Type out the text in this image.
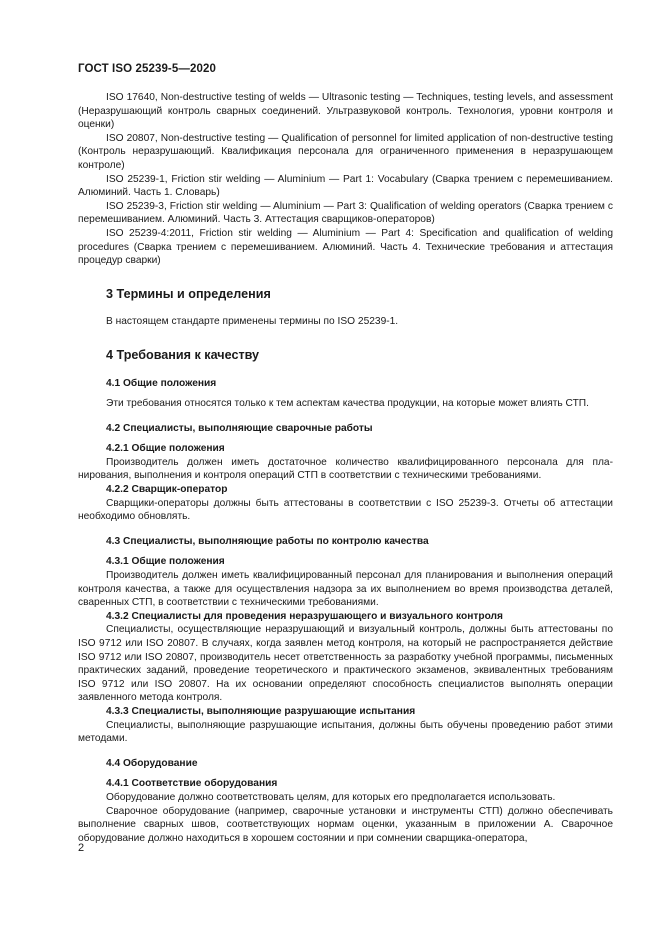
ГОСТ ISO 25239-5—2020

ISO 17640, Non-destructive testing of welds — Ultrasonic testing — Techniques, testing levels, and assessment (Неразрушающий контроль сварных соединений. Ультразвуковой контроль. Технология, уровни контроля и оценки)

ISO 20807, Non-destructive testing — Qualification of personnel for limited application of non-destructive testing (Контроль неразрушающий. Квалификация персонала для ограниченного применения в неразрушающем контроле)

ISO 25239-1, Friction stir welding — Aluminium — Part 1: Vocabulary (Сварка трением с перемешиванием. Алюминий. Часть 1. Словарь)

ISO 25239-3, Friction stir welding — Aluminium — Part 3: Qualification of welding operators (Сварка трением с перемешиванием. Алюминий. Часть 3. Аттестация сварщиков-операторов)

ISO 25239-4:2011, Friction stir welding — Aluminium — Part 4: Specification and qualification of welding procedures (Сварка трением с перемешиванием. Алюминий. Часть 4. Технические требования и аттестация процедур сварки)

3 Термины и определения

В настоящем стандарте применены термины по ISO 25239-1.

4 Требования к качеству
4.1 Общие положения

Эти требования относятся только к тем аспектам качества продукции, на которые может влиять СТП.

4.2 Специалисты, выполняющие сварочные работы
4.2.1 Общие положения

Производитель должен иметь достаточное количество квалифицированного персонала для планирования, выполнения и контроля операций СТП в соответствии с техническими требованиями.

4.2.2 Сварщик-оператор

Сварщики-операторы должны быть аттестованы в соответствии с ISO 25239-3. Отчеты об аттестации необходимо обновлять.

4.3 Специалисты, выполняющие работы по контролю качества
4.3.1 Общие положения

Производитель должен иметь квалифицированный персонал для планирования и выполнения операций контроля качества, а также для осуществления надзора за их выполнением во время производства деталей, сваренных СТП, в соответствии с техническими требованиями.

4.3.2 Специалисты для проведения неразрушающего и визуального контроля

Специалисты, осуществляющие неразрушающий и визуальный контроль, должны быть аттестованы по ISO 9712 или ISO 20807. В случаях, когда заявлен метод контроля, на который не распространяется действие ISO 9712 или ISO 20807, производитель несет ответственность за разработку учебной программы, письменных практических заданий, проведение теоретического и практического экзаменов, эквивалентных требованиям ISO 9712 или ISO 20807. На их основании определяют способность специалистов выполнять операции заявленного метода контроля.

4.3.3 Специалисты, выполняющие разрушающие испытания

Специалисты, выполняющие разрушающие испытания, должны быть обучены проведению работ этими методами.

4.4 Оборудование
4.4.1 Соответствие оборудования

Оборудование должно соответствовать целям, для которых его предполагается использовать.

Сварочное оборудование (например, сварочные установки и инструменты СТП) должно обеспечивать выполнение сварных швов, соответствующих нормам оценки, указанным в приложении А. Сварочное оборудование должно находиться в хорошем состоянии и при сомнении сварщика-оператора,

2
